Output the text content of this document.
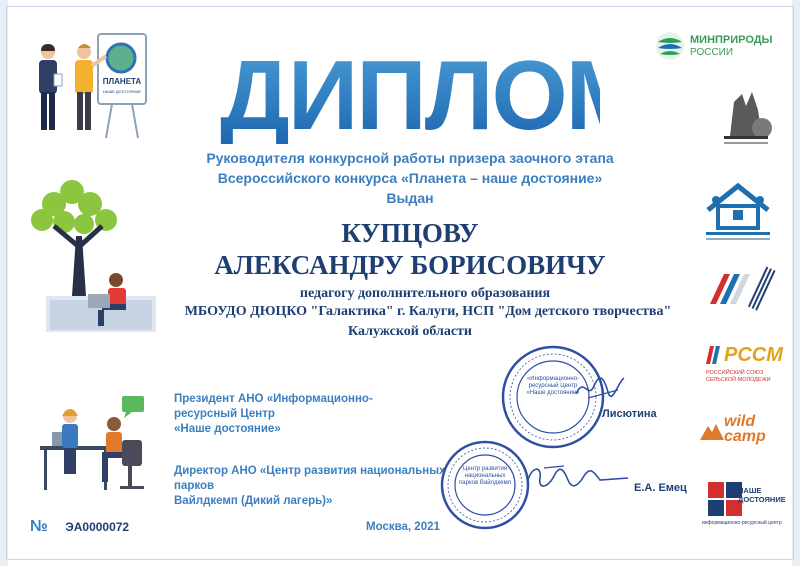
ПЛАНЕТА
НАШЕ ДОСТОЯНИЕ
МИНПРИРОДЫ
РОССИИ
ДИПЛОМ
Руководителя конкурсной работы призера заочного этапа
Всероссийского конкурса «Планета – наше достояние»
Выдан
РССМ
РОССИЙСКИЙ СОЮЗ СЕЛЬСКОЙ МОЛОДЕЖИ
wild camp
НАШЕ ДОСТОЯНИЕ
информационно-ресурсный центр
КУПЦОВУ
АЛЕКСАНДРУ БОРИСОВИЧУ
педагогу дополнительного образования
МБОУДО ДЮЦКО "Галактика" г. Калуги, НСП "Дом детского творчества"
Калужской области
Президент АНО «Информационно-ресурсный Центр
«Наше достояние»
Лисютина
Директор АНО «Центр развития национальных парков
Вайлдкемп (Дикий лагерь)»
Е.А. Емец
«Информационно-ресурсный Центр «Наше достояние»
Центр развития национальных парков Вайлдкемп
№ ЭА0000072	Москва, 2021
